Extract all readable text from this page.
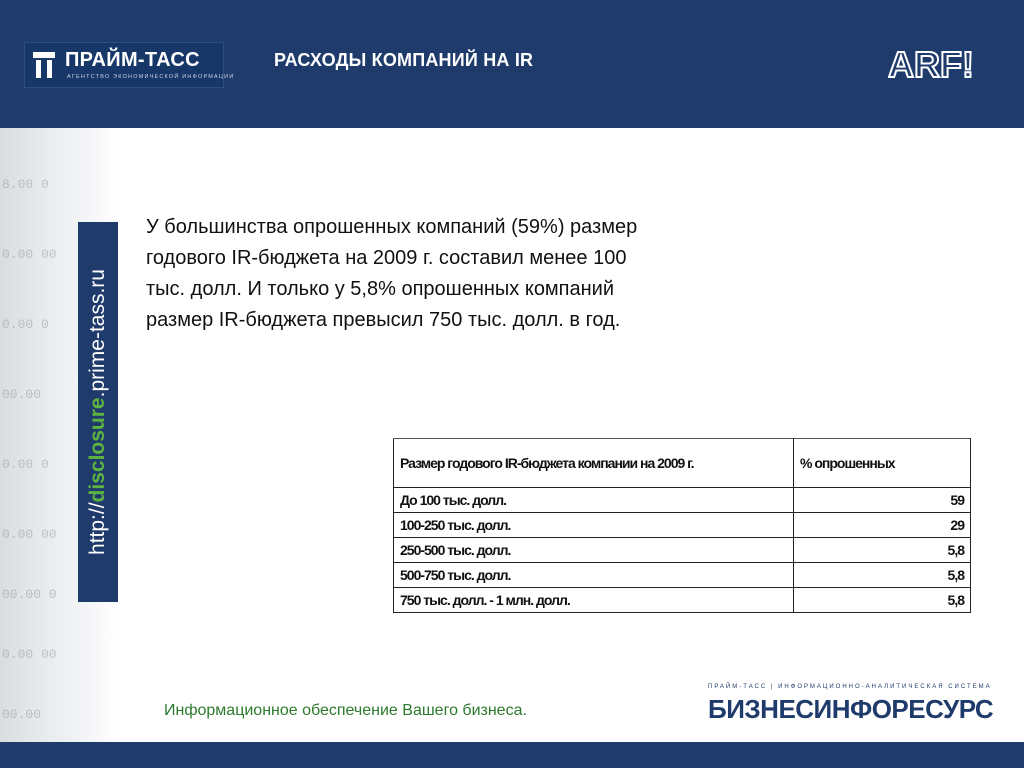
ПРАЙМ-ТАСС
АГЕНТСТВО ЭКОНОМИЧЕСКОЙ ИНФОРМАЦИИ
РАСХОДЫ КОМПАНИЙ НА IR	ARF!
8.00 0
0.00 00
0.00 0
00.00
0.00 0
0.00 00
00.00 0
0.00 00
00.00
http://disclosure.prime-tass.ru
У большинства опрошенных компаний (59%) размер годового IR-бюджета на 2009 г. составил менее 100 тыс. долл. И только у 5,8% опрошенных компаний размер IR-бюджета превысил 750 тыс. долл. в год.
Размер годового IR-бюджета компании на 2009 г.	% опрошенных
До 100 тыс. долл.	59
100-250 тыс. долл.	29
250-500 тыс. долл.	5,8
500-750 тыс. долл.	5,8
750 тыс. долл. - 1 млн. долл.	5,8
Информационное обеспечение Вашего бизнеса.
ПРАЙМ-ТАСС | ИНФОРМАЦИОННО-АНАЛИТИЧЕСКАЯ СИСТЕМА
БИЗНЕСИНФОРЕСУРС
